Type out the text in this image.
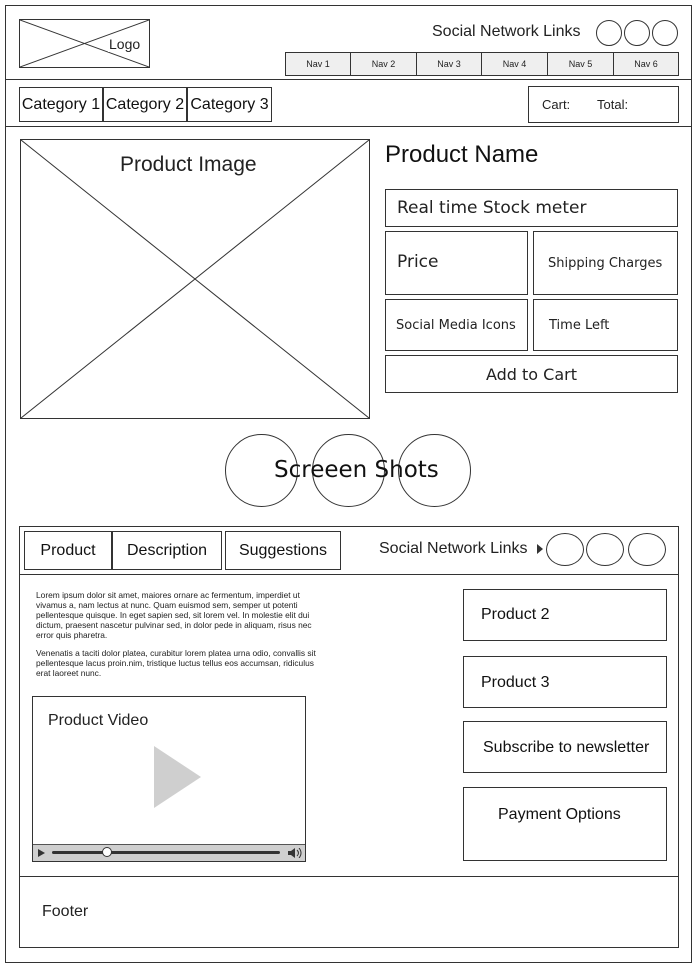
Logo
Social Network Links
Nav 1	Nav 2	Nav 3	Nav 4	Nav 5	Nav 6
Category 1 Category 2 Category 3	Cart: Total:
Product Image	Product Name
Real time Stock meter
Price	Shipping Charges
Social Media Icons	Time Left
Add to Cart
Screeen Shots
Product	Description	Suggestions	Social Network Links
Lorem ipsum dolor sit amet, maiores ornare ac fermentum, imperdiet ut vivamus a, nam lectus at nunc. Quam euismod sem, semper ut potenti pellentesque quisque. In eget sapien sed, sit lorem vel. In molestie elit dui dictum, praesent nascetur pulvinar sed, in dolor pede in aliquam, risus nec error quis pharetra.
Venenatis a taciti dolor platea, curabitur lorem platea urna odio, convallis sit pellentesque lacus proin.nim, tristique luctus tellus eos accumsan, ridiculus erat laoreet nunc.
Product Video
Product 2
Product 3
Subscribe to newsletter
Payment Options
Footer
